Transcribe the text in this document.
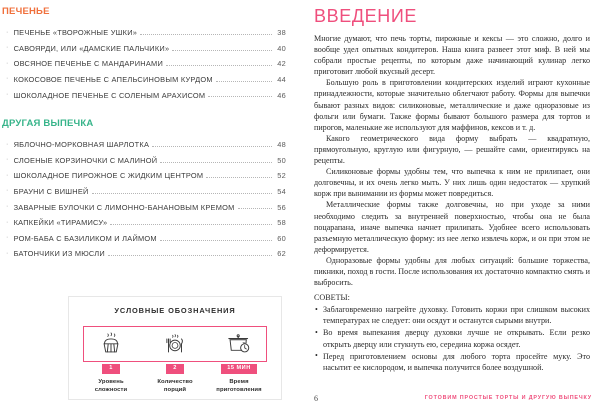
ПЕЧЕНЬЕ
· ПЕЧЕНЬЕ «ТВОРОЖНЫЕ УШКИ»	38
· САВОЯРДИ, ИЛИ «ДАМСКИЕ ПАЛЬЧИКИ»	40
· ОВСЯНОЕ ПЕЧЕНЬЕ С МАНДАРИНАМИ	42
· КОКОСОВОЕ ПЕЧЕНЬЕ С АПЕЛЬСИНОВЫМ КУРДОМ	44
· ШОКОЛАДНОЕ ПЕЧЕНЬЕ С СОЛЕНЫМ АРАХИСОМ	46
ДРУГАЯ ВЫПЕЧКА
· ЯБЛОЧНО-МОРКОВНАЯ ШАРЛОТКА	48
· СЛОЕНЫЕ КОРЗИНОЧКИ С МАЛИНОЙ	50
· ШОКОЛАДНОЕ ПИРОЖНОЕ С ЖИДКИМ ЦЕНТРОМ	52
· БРАУНИ С ВИШНЕЙ	54
· ЗАВАРНЫЕ БУЛОЧКИ С ЛИМОННО-БАНАНОВЫМ КРЕМОМ	56
· КАПКЕЙКИ «ТИРАМИСУ»	58
· РОМ-БАБА С БАЗИЛИКОМ И ЛАЙМОМ	60
· БАТОНЧИКИ ИЗ МЮСЛИ	62
УСЛОВНЫЕ ОБОЗНАЧЕНИЯ
1
Уровень
сложности
2
Количество
порций
15 МИН
Время
приготовления
ВВЕДЕНИЕ

Многие думают, что печь торты, пирожные и кексы — это сложно, долго и вообще удел опытных кондитеров. Наша книга развеет этот миф. В ней мы собрали простые рецепты, по которым даже начинающий кулинар легко приготовит любой вкусный десерт.

Большую роль в приготовлении кондитерских изделий играют кухонные принадлежности, которые значительно облегчают работу. Формы для выпечки бывают разных видов: силиконовые, металлические и даже одноразовые из фольги или бумаги. Также формы бывают большого размера для тортов и пирогов, маленькие же используют для маффинов, кексов и т. д.

Какого геометрического вида форму выбрать — квадратную, прямоугольную, круглую или фигурную, — решайте сами, ориентируясь на рецепты.

Силиконовые формы удобны тем, что выпечка к ним не прилипает, они долговечны, и их очень легко мыть. У них лишь один недостаток — хрупкий корж при вынимании из формы может повредиться.

Металлические формы также долговечны, но при уходе за ними необходимо следить за внутренней поверхностью, чтобы она не была поцарапана, иначе выпечка начнет прилипать. Удобнее всего использовать разъемную металлическую форму: из нее легко извлечь корж, и он при этом не деформируется.

Одноразовые формы удобны для любых ситуаций: большие торжества, пикники, поход в гости. После использования их достаточно компактно смять и выбросить.

СОВЕТЫ:
• Заблаговременно нагрейте духовку. Готовить коржи при слишком высоких температурах не следует: они осядут и останутся сырыми внутри.
• Во время выпекания дверцу духовки лучше не открывать. Если резко открыть дверцу или стукнуть ею, середина коржа осядет.
• Перед приготовлением основы для любого торта просейте муку. Это насытит ее кислородом, и выпечка получится более воздушной.
6	ГОТОВИМ ПРОСТЫЕ ТОРТЫ И ДРУГУЮ ВЫПЕЧКУ
